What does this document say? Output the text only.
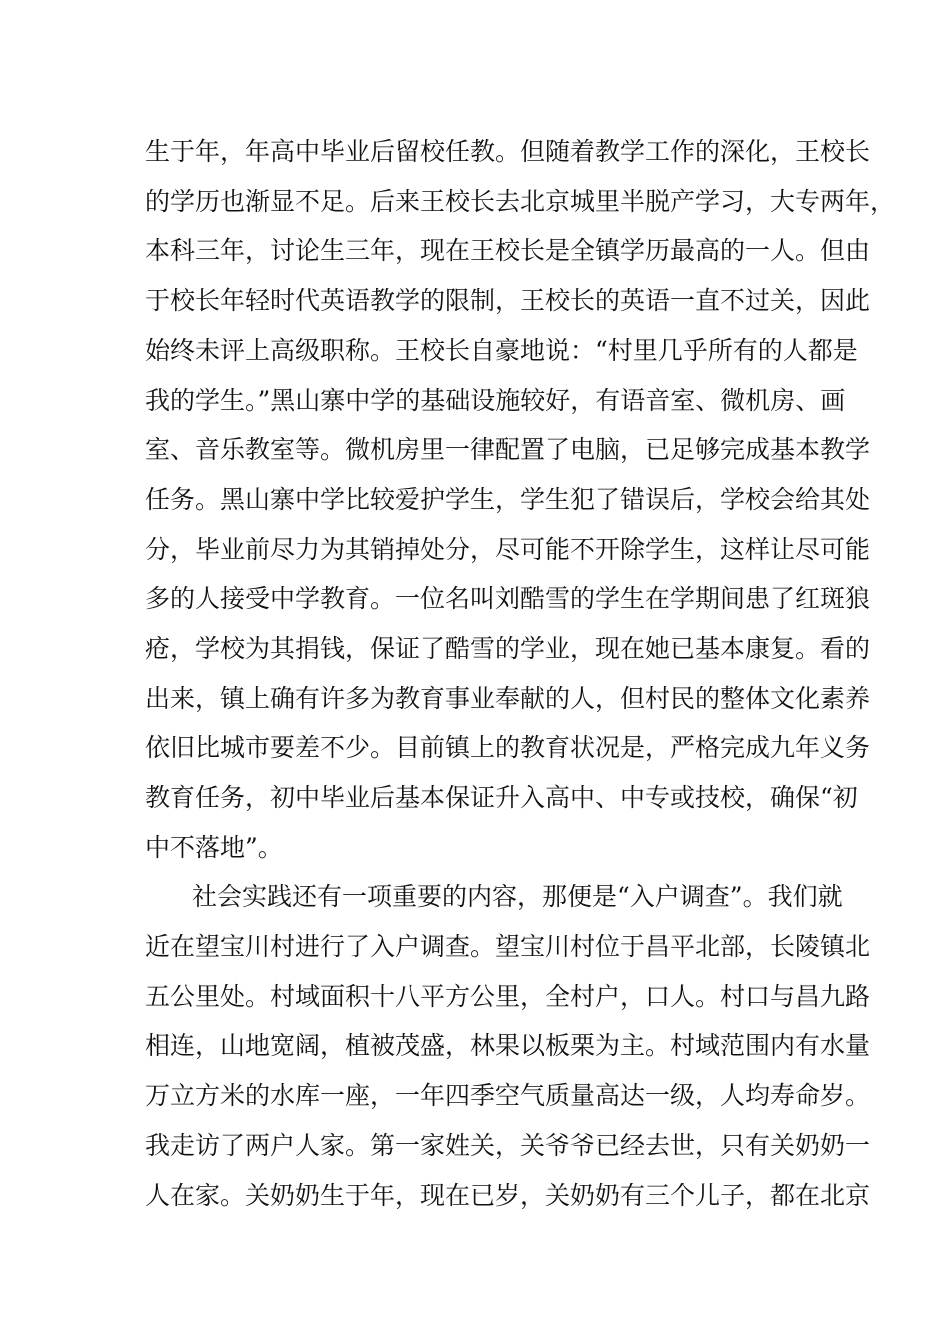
生于年，年高中毕业后留校任教。但随着教学工作的深化，王校长
的学历也渐显不足。后来王校长去北京城里半脱产学习，大专两年，
本科三年，讨论生三年，现在王校长是全镇学历最高的一人。但由
于校长年轻时代英语教学的限制，王校长的英语一直不过关，因此
始终未评上高级职称。王校长自豪地说：“村里几乎所有的人都是
我的学生。”黑山寨中学的基础设施较好，有语音室、微机房、画
室、音乐教室等。微机房里一律配置了电脑，已足够完成基本教学
任务。黑山寨中学比较爱护学生，学生犯了错误后，学校会给其处
分，毕业前尽力为其销掉处分，尽可能不开除学生，这样让尽可能
多的人接受中学教育。一位名叫刘酷雪的学生在学期间患了红斑狼
疮，学校为其捐钱，保证了酷雪的学业，现在她已基本康复。看的
出来，镇上确有许多为教育事业奉献的人，但村民的整体文化素养
依旧比城市要差不少。目前镇上的教育状况是，严格完成九年义务
教育任务，初中毕业后基本保证升入高中、中专或技校，确保“初
中不落地”。
社会实践还有一项重要的内容，那便是“入户调查”。我们就
近在望宝川村进行了入户调查。望宝川村位于昌平北部，长陵镇北
五公里处。村域面积十八平方公里，全村户，口人。村口与昌九路
相连，山地宽阔，植被茂盛，林果以板栗为主。村域范围内有水量
万立方米的水库一座，一年四季空气质量高达一级，人均寿命岁。
我走访了两户人家。第一家姓关，关爷爷已经去世，只有关奶奶一
人在家。关奶奶生于年，现在已岁，关奶奶有三个儿子，都在北京
